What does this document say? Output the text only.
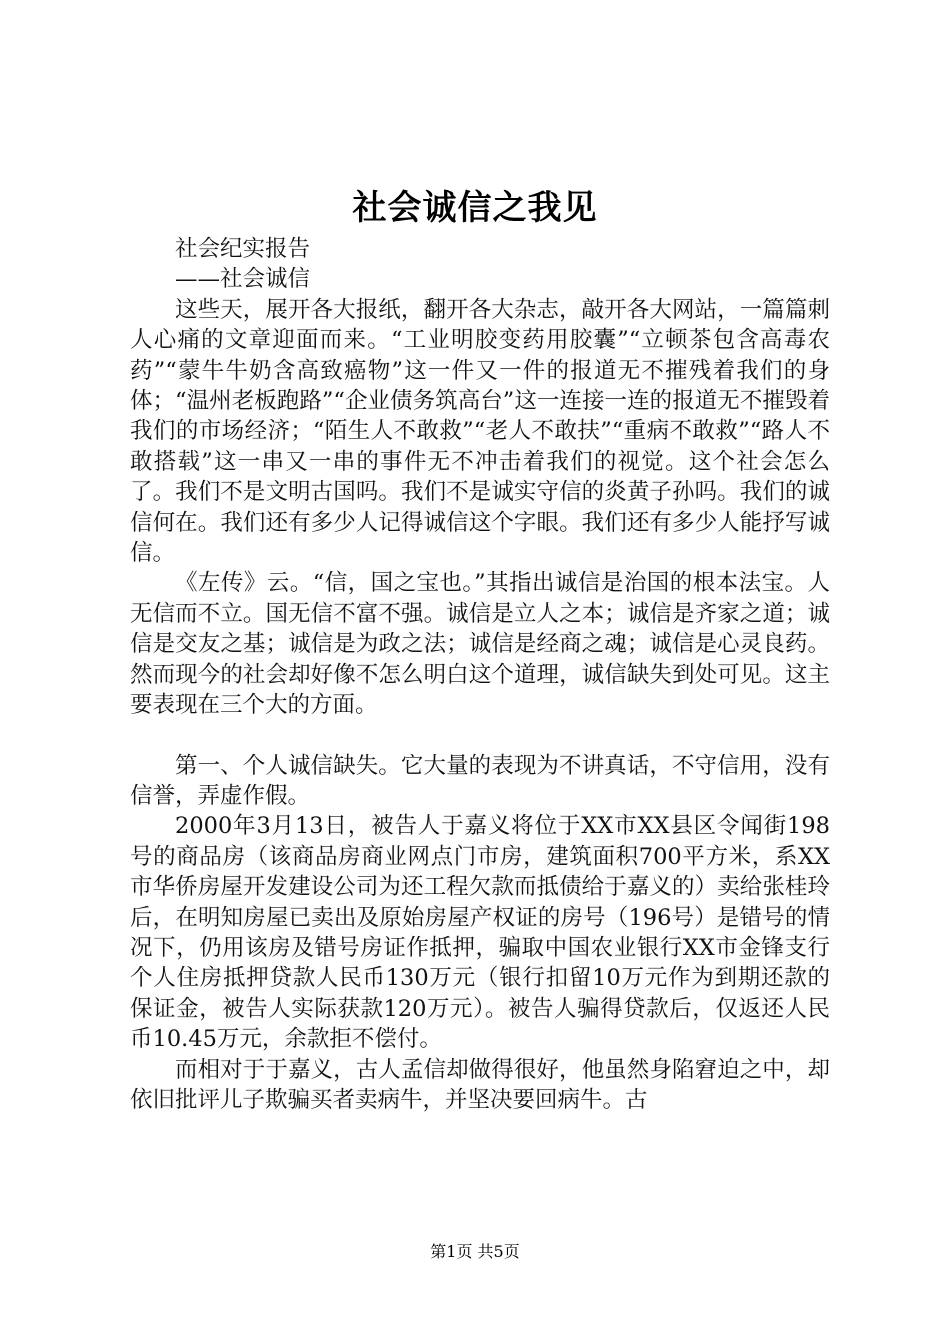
社会诚信之我见

社会纪实报告

——社会诚信

这些天，展开各大报纸，翻开各大杂志，敲开各大网站，一篇篇刺人心痛的文章迎面而来。“工业明胶变药用胶囊”“立顿茶包含高毒农药”“蒙牛牛奶含高致癌物”这一件又一件的报道无不摧残着我们的身体；“温州老板跑路”“企业债务筑高台”这一连接一连的报道无不摧毁着我们的市场经济；“陌生人不敢救”“老人不敢扶”“重病不敢救”“路人不敢搭载”这一串又一串的事件无不冲击着我们的视觉。这个社会怎么了。我们不是文明古国吗。我们不是诚实守信的炎黄子孙吗。我们的诚信何在。我们还有多少人记得诚信这个字眼。我们还有多少人能抒写诚信。

《左传》云。“信，国之宝也。”其指出诚信是治国的根本法宝。人无信而不立。国无信不富不强。诚信是立人之本；诚信是齐家之道；诚信是交友之基；诚信是为政之法；诚信是经商之魂；诚信是心灵良药。然而现今的社会却好像不怎么明白这个道理，诚信缺失到处可见。这主要表现在三个大的方面。

第一、个人诚信缺失。它大量的表现为不讲真话，不守信用，没有信誉，弄虚作假。

2000年3月13日，被告人于嘉义将位于XX市XX县区令闻街198号的商品房（该商品房商业网点门市房，建筑面积700平方米，系XX市华侨房屋开发建设公司为还工程欠款而抵债给于嘉义的）卖给张桂玲后，在明知房屋已卖出及原始房屋产权证的房号（196号）是错号的情况下，仍用该房及错号房证作抵押，骗取中国农业银行XX市金锋支行个人住房抵押贷款人民币130万元（银行扣留10万元作为到期还款的保证金，被告人实际获款120万元）。被告人骗得贷款后，仅返还人民币10.45万元，余款拒不偿付。

而相对于于嘉义，古人孟信却做得很好，他虽然身陷窘迫之中，却依旧批评儿子欺骗买者卖病牛，并坚决要回病牛。古

第1页 共5页
